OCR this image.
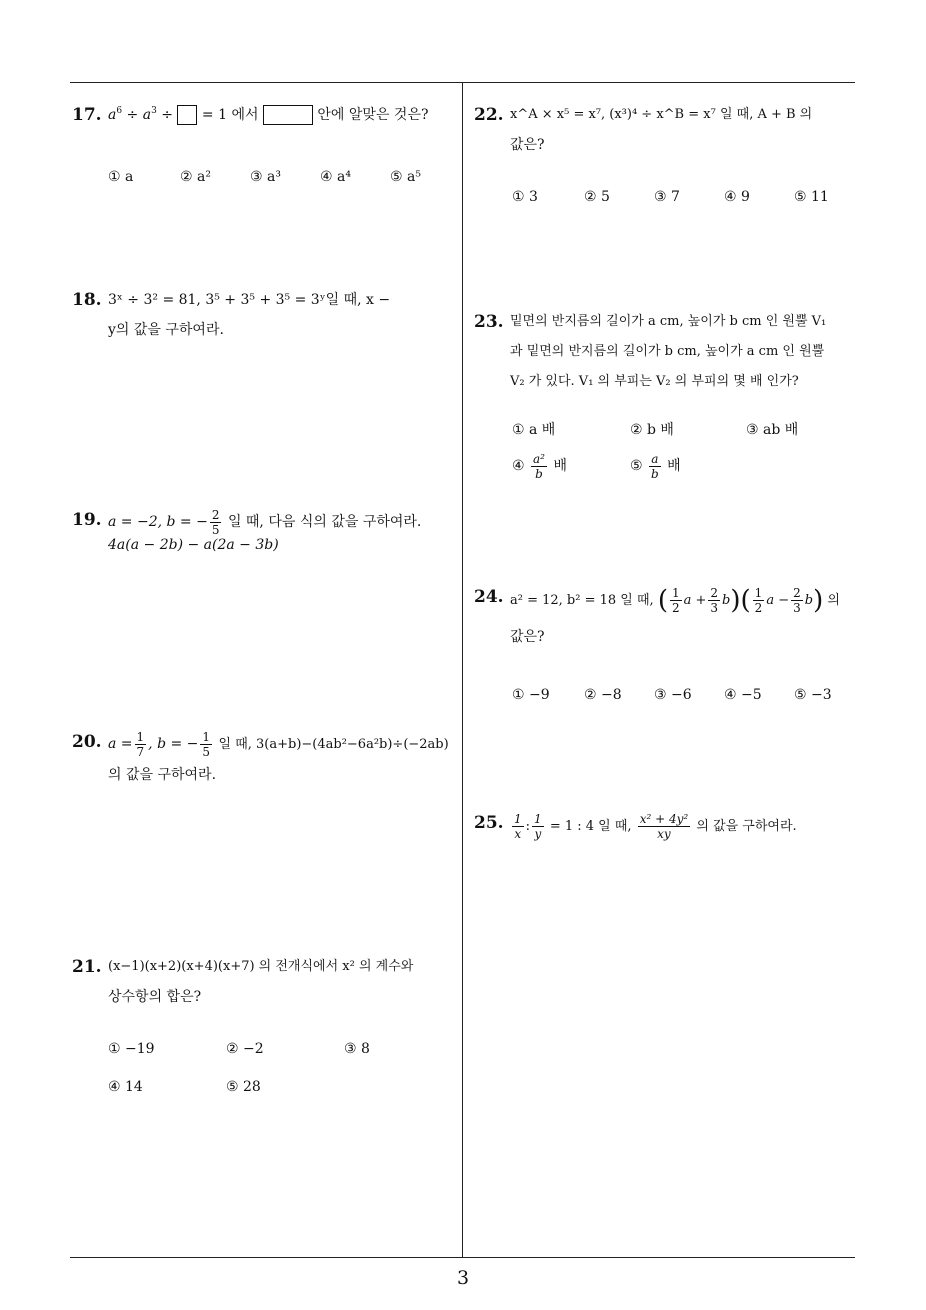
17. $a^6 \div a^3$ ÷ = 1 에서	안에 알맞은 것은?
① a	② a²	③ a³	④ a⁴	⑤ a⁵
18. 3ˣ ÷ 3² = 81, 3⁵ + 3⁵ + 3⁵ = 3ʸ일 때, x −
y의 값을 구하여라.
19. a = −2, b = − $\frac{2}{5}$ 일 때, 다음 식의 값을 구하여라.
4a(a − 2b) − a(2a − 3b)
20. $a = \frac{1}{7}$ , b = − $\frac{1}{5}$ 일 때, 3(a+b)−(4ab²−6a²b)÷(−2ab)
의 값을 구하여라.
21. (x−1)(x+2)(x+4)(x+7) 의 전개식에서 x² 의 계수와
상수항의 합은?
① −19	② −2	③ 8
④ 14	⑤ 28
22. x^A × x⁵ = x⁷, (x³)⁴ ÷ x^B = x⁷ 일 때, A + B 의
값은?
① 3	② 5	③ 7	④ 9	⑤ 11
23. 밑면의 반지름의 길이가 a cm, 높이가 b cm 인 원뿔 V₁
과 밑면의 반지름의 길이가 b cm, 높이가 a cm 인 원뿔
V₂ 가 있다. V₁ 의 부피는 V₂ 의 부피의 몇 배 인가?
① a 배	② b 배	③ ab 배
④ $\frac{\text{a²}}{b}$ 배	⑤ $\frac{a}{b}$ 배
24. a² = 12, b² = 18 일 때, ( $\frac{1}{2}$ $a + \frac{2}{3} b)( \frac{1}{2}$ $a - \frac{2}{3} b$) 의
값은?
① −9 ② −8 ③ −6 ④ −5 ⑤ −3
25. $\frac{1}{x}$ : $\frac{1}{y} = 1$ : 4 일 때, $\frac{\text{x² + 4y²}}{xy}$ 의 값을 구하여라.
3
